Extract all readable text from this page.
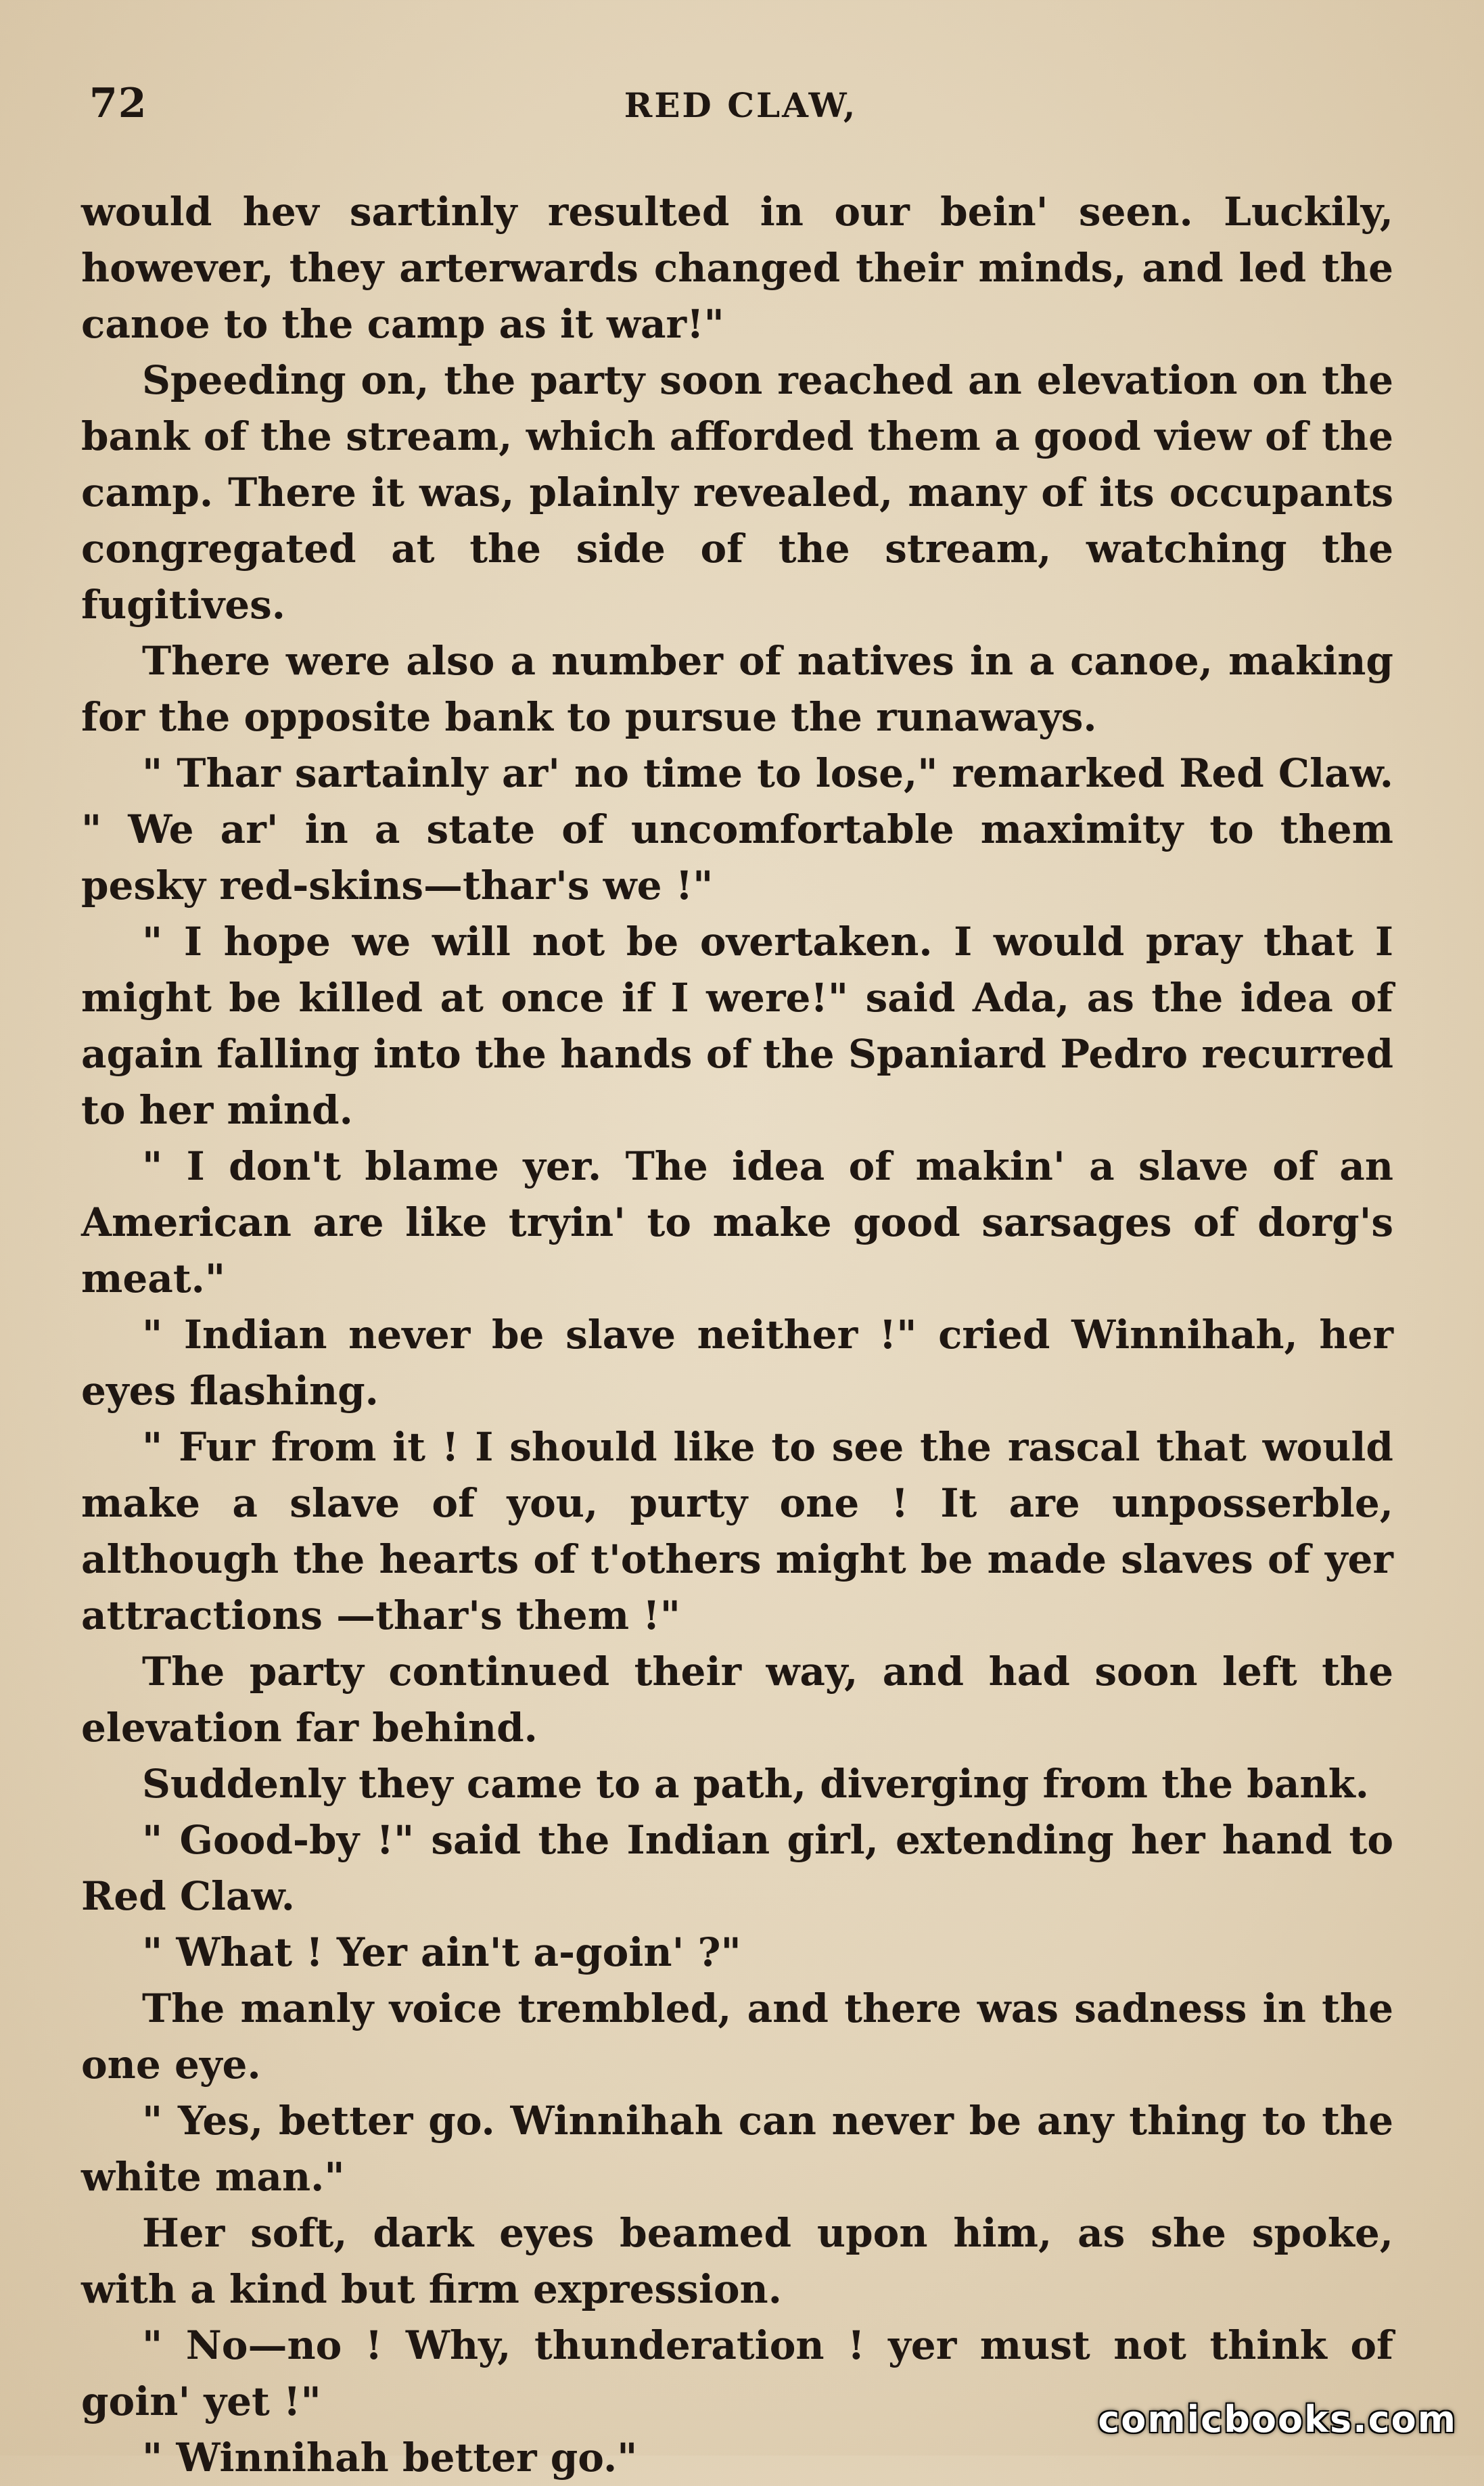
72	RED CLAW,

would hev sartinly resulted in our bein' seen. Luckily, however, they arterwards changed their minds, and led the canoe to the camp as it war!"

Speeding on, the party soon reached an elevation on the bank of the stream, which afforded them a good view of the camp. There it was, plainly revealed, many of its occupants congregated at the side of the stream, watching the fugitives.

There were also a number of natives in a canoe, making for the opposite bank to pursue the runaways.

" Thar sartainly ar' no time to lose," remarked Red Claw. " We ar' in a state of uncomfortable maximity to them pesky red-skins—thar's we !"

" I hope we will not be overtaken. I would pray that I might be killed at once if I were!" said Ada, as the idea of again falling into the hands of the Spaniard Pedro recurred to her mind.

" I don't blame yer. The idea of makin' a slave of an American are like tryin' to make good sarsages of dorg's meat."

" Indian never be slave neither !" cried Winnihah, her eyes flashing.

" Fur from it ! I should like to see the rascal that would make a slave of you, purty one ! It are unposserble, although the hearts of t'others might be made slaves of yer attractions —thar's them !"

The party continued their way, and had soon left the elevation far behind.

Suddenly they came to a path, diverging from the bank.

" Good-by !" said the Indian girl, extending her hand to Red Claw.

" What ! Yer ain't a-goin' ?"

The manly voice trembled, and there was sadness in the one eye.

" Yes, better go. Winnihah can never be any thing to the white man."

Her soft, dark eyes beamed upon him, as she spoke, with a kind but firm expression.

" No—no ! Why, thunderation ! yer must not think of goin' yet !"

" Winnihah better go."

comicbooks.com
